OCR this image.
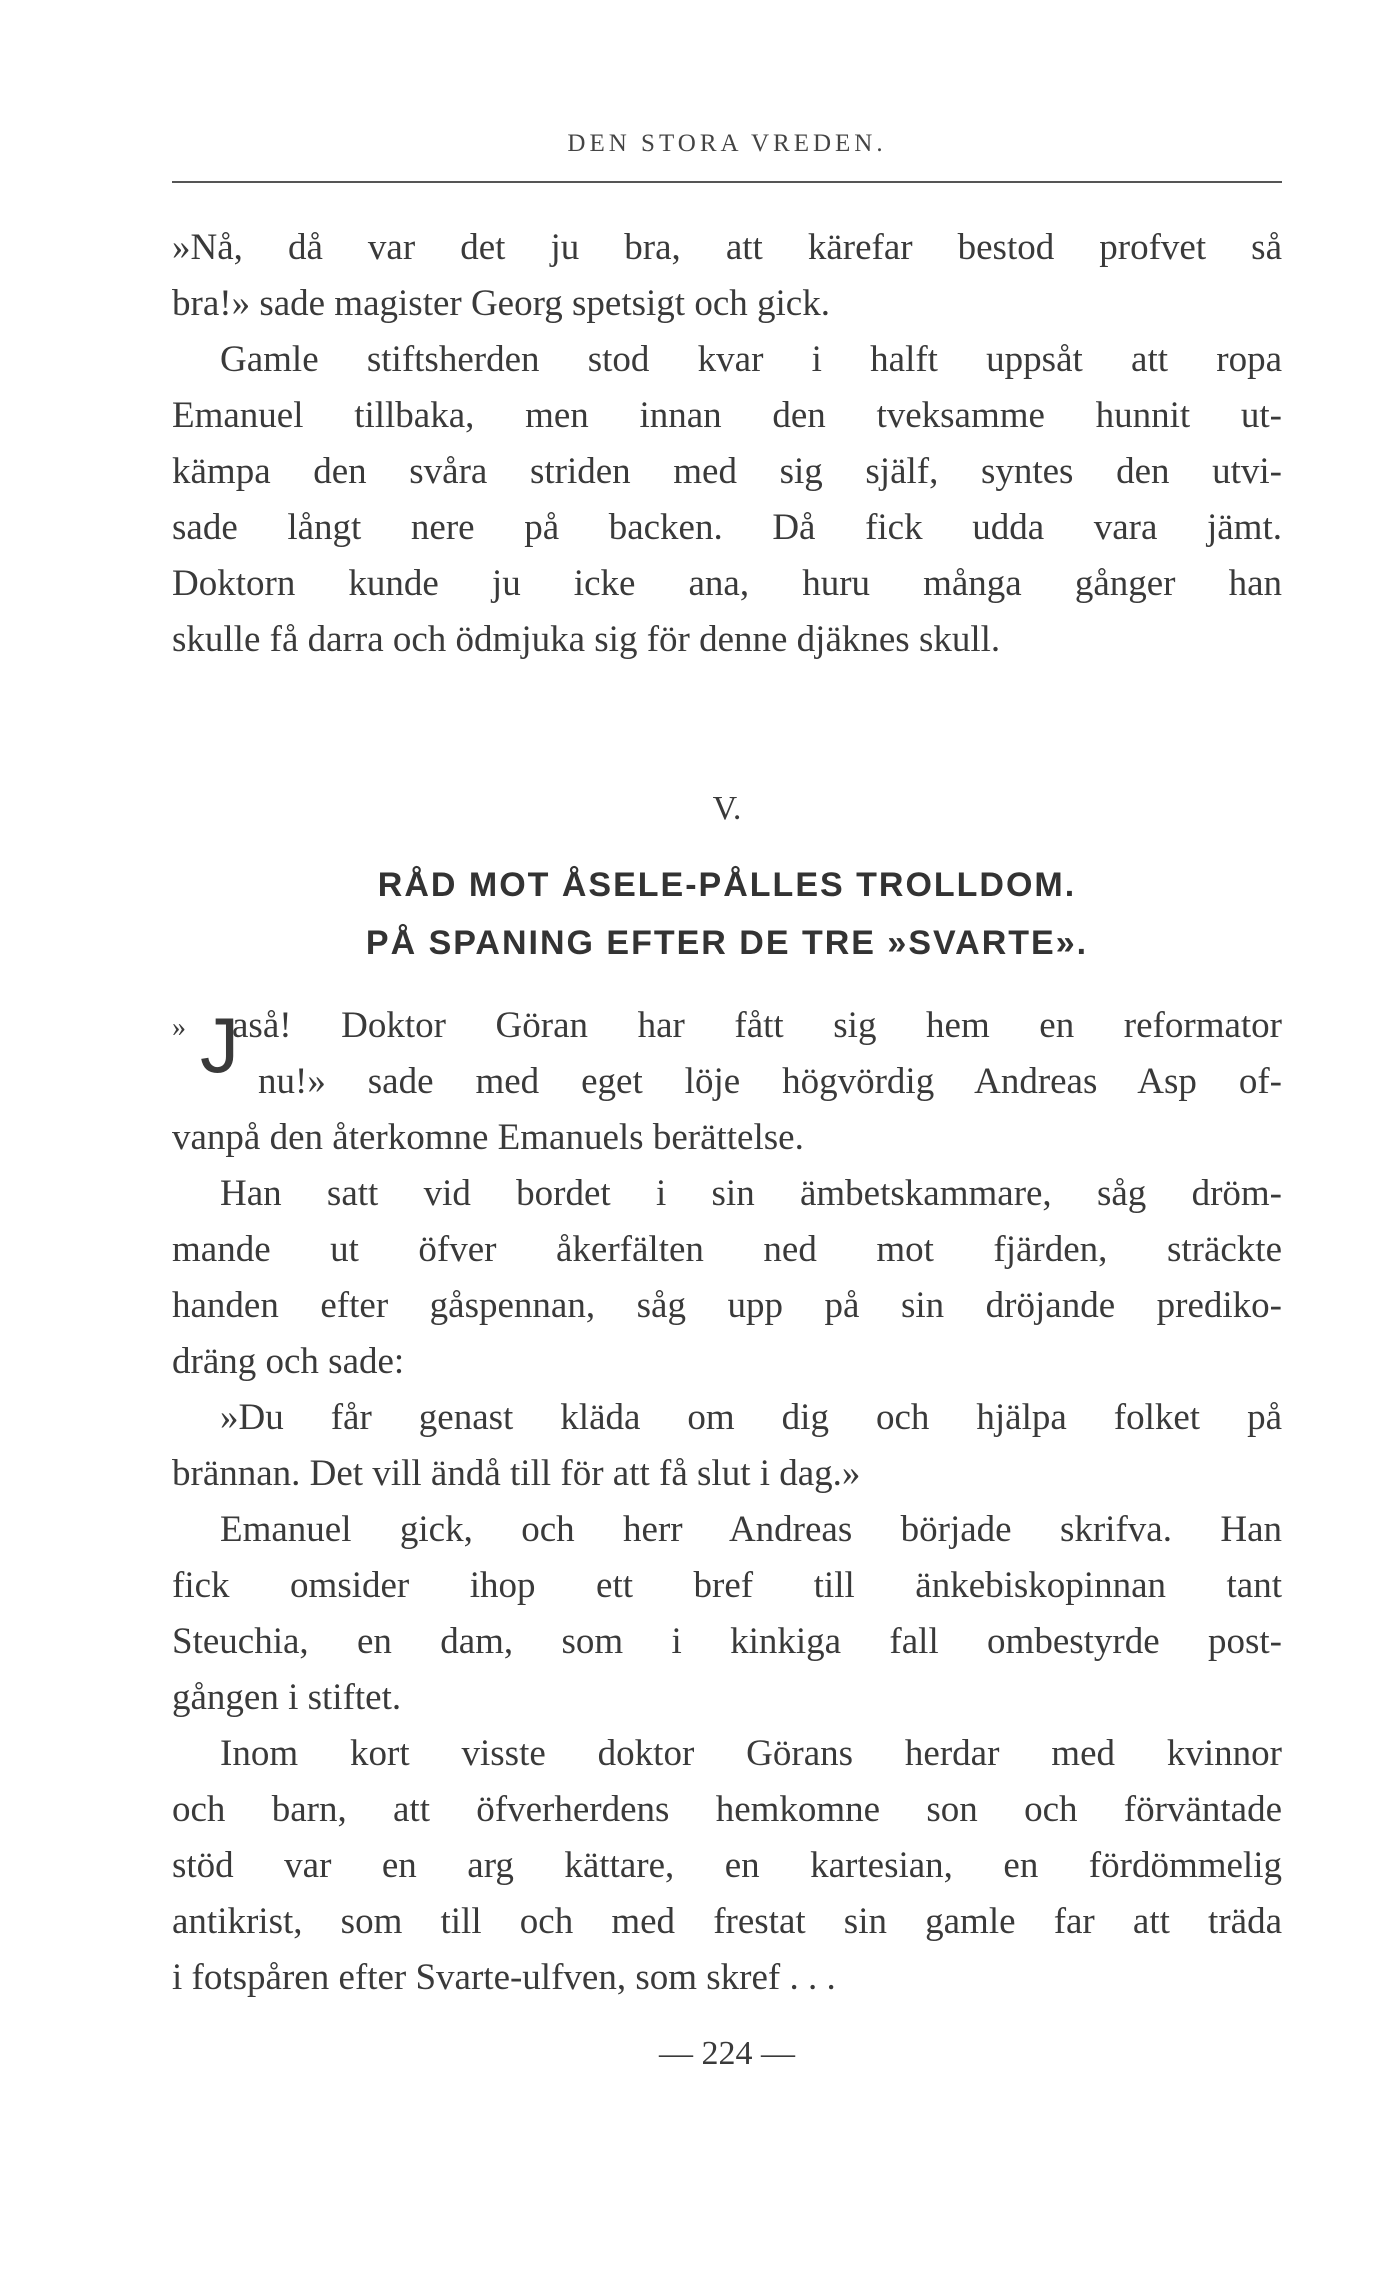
DEN STORA VREDEN.
»Nå, då var det ju bra, att kärefar bestod profvet så
bra!» sade magister Georg spetsigt och gick.
Gamle stiftsherden stod kvar i halft uppsåt att ropa
Emanuel tillbaka, men innan den tveksamme hunnit ut-
kämpa den svåra striden med sig själf, syntes den utvi-
sade långt nere på backen. Då fick udda vara jämt.
Doktorn kunde ju icke ana, huru många gånger han
skulle få darra och ödmjuka sig för denne djäknes skull.
V.
RÅD MOT ÅSELE-PÅLLES TROLLDOM.
PÅ SPANING EFTER DE TRE »SVARTE».
» J
aså! Doktor Göran har fått sig hem en reformator
nu!» sade med eget löje högvördig Andreas Asp of-
vanpå den återkomne Emanuels berättelse.
Han satt vid bordet i sin ämbetskammare, såg dröm-
mande ut öfver åkerfälten ned mot fjärden, sträckte
handen efter gåspennan, såg upp på sin dröjande prediko-
dräng och sade:
»Du får genast kläda om dig och hjälpa folket på
brännan. Det vill ändå till för att få slut i dag.»
Emanuel gick, och herr Andreas började skrifva. Han
fick omsider ihop ett bref till änkebiskopinnan tant
Steuchia, en dam, som i kinkiga fall ombestyrde post-
gången i stiftet.
Inom kort visste doktor Görans herdar med kvinnor
och barn, att öfverherdens hemkomne son och förväntade
stöd var en arg kättare, en kartesian, en fördömmelig
antikrist, som till och med frestat sin gamle far att träda
i fotspåren efter Svarte-ulfven, som skref . . .
— 224 —
